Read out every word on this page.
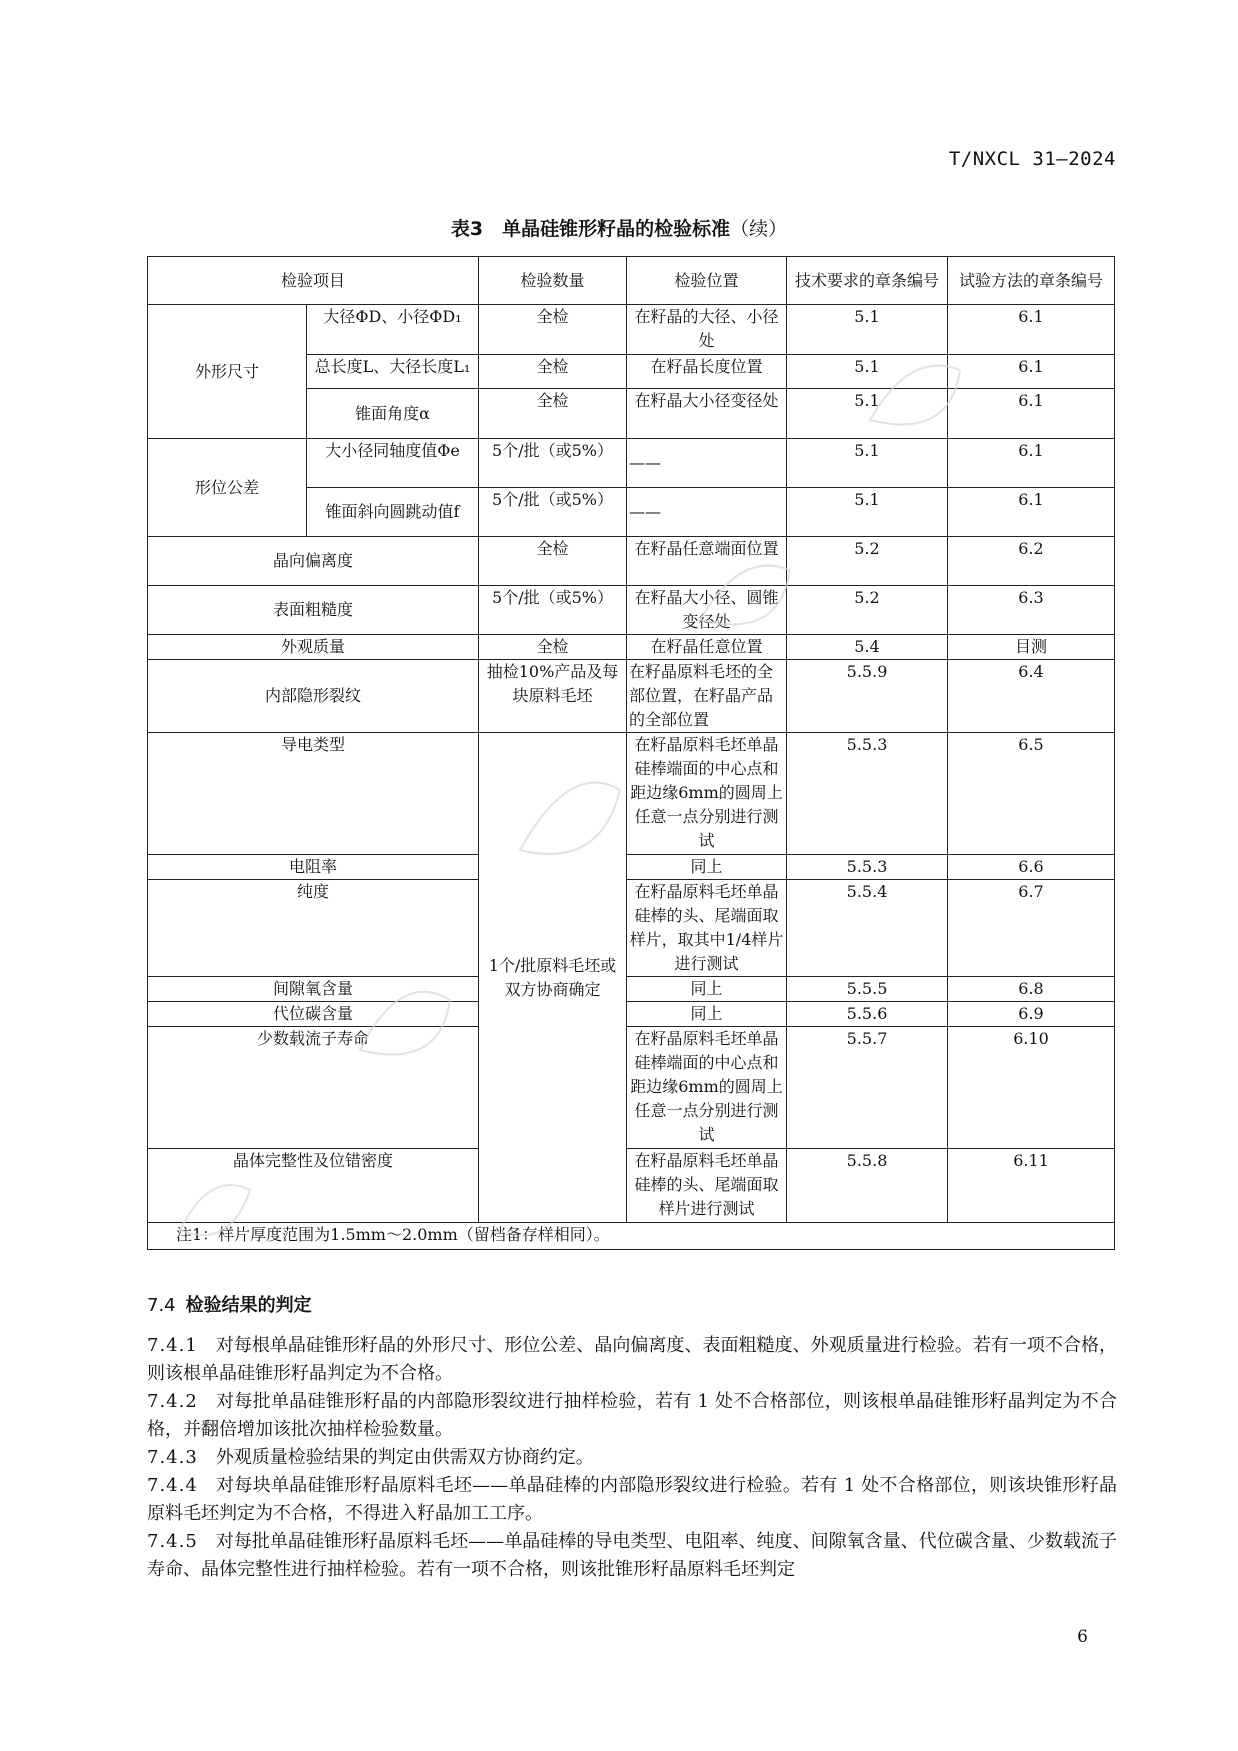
T/NXCL 31—2024
表3　单晶硅锥形籽晶的检验标准（续）
检验项目		检验数量	检验位置	技术要求的章条编号	试验方法的章条编号
外形尺寸	大径ΦD、小径ΦD₁	全检	在籽晶的大径、小径处	5.1	6.1
	总长度L、大径长度L₁	全检	在籽晶长度位置	5.1	6.1
	锥面角度α	全检	在籽晶大小径变径处	5.1	6.1
形位公差	大小径同轴度值Φe	5个/批（或5%）	——	5.1	6.1
	锥面斜向圆跳动值f	5个/批（或5%）	——	5.1	6.1
晶向偏离度		全检	在籽晶任意端面位置	5.2	6.2
表面粗糙度		5个/批（或5%）	在籽晶大小径、圆锥变径处	5.2	6.3
外观质量		全检	在籽晶任意位置	5.4	目测
内部隐形裂纹		抽检10%产品及每块原料毛坯	在籽晶原料毛坯的全部位置，在籽晶产品的全部位置	5.5.9	6.4
导电类型		1个/批原料毛坯或双方协商确定	在籽晶原料毛坯单晶硅棒端面的中心点和距边缘6mm的圆周上任意一点分别进行测试	5.5.3	6.5
电阻率			同上	5.5.3	6.6
纯度			在籽晶原料毛坯单晶硅棒的头、尾端面取样片，取其中1/4样片进行测试	5.5.4	6.7
间隙氧含量			同上	5.5.5	6.8
代位碳含量			同上	5.5.6	6.9
少数载流子寿命			在籽晶原料毛坯单晶硅棒端面的中心点和距边缘6mm的圆周上任意一点分别进行测试	5.5.7	6.10
晶体完整性及位错密度			在籽晶原料毛坯单晶硅棒的头、尾端面取样片进行测试	5.5.8	6.11
注1：样片厚度范围为1.5mm～2.0mm（留档备存样相同）。					
7.4 检验结果的判定

7.4.1 对每根单晶硅锥形籽晶的外形尺寸、形位公差、晶向偏离度、表面粗糙度、外观质量进行检验。若有一项不合格，则该根单晶硅锥形籽晶判定为不合格。

7.4.2 对每批单晶硅锥形籽晶的内部隐形裂纹进行抽样检验，若有 1 处不合格部位，则该根单晶硅锥形籽晶判定为不合格，并翻倍增加该批次抽样检验数量。

7.4.3 外观质量检验结果的判定由供需双方协商约定。

7.4.4 对每块单晶硅锥形籽晶原料毛坯——单晶硅棒的内部隐形裂纹进行检验。若有 1 处不合格部位，则该块锥形籽晶原料毛坯判定为不合格，不得进入籽晶加工工序。

7.4.5 对每批单晶硅锥形籽晶原料毛坯——单晶硅棒的导电类型、电阻率、纯度、间隙氧含量、代位碳含量、少数载流子寿命、晶体完整性进行抽样检验。若有一项不合格，则该批锥形籽晶原料毛坯判定

6
